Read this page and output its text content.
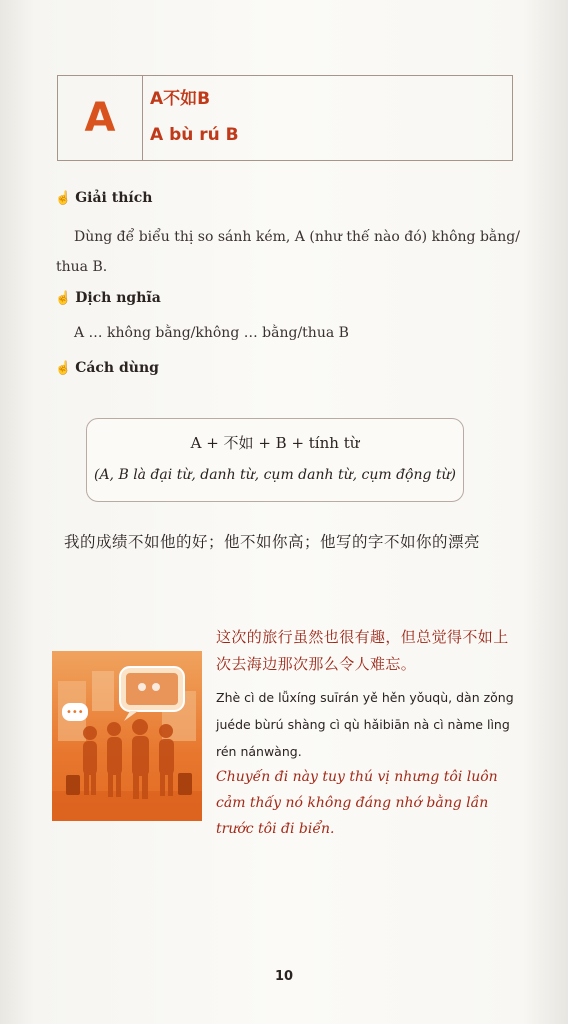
A	A不如B
A bù rú B
☝ Giải thích
Dùng để biểu thị so sánh kém, A (như thế nào đó) không bằng/ thua B.
☝ Dịch nghĩa
A … không bằng/không … bằng/thua B
☝ Cách dùng
A + 不如 + B + tính từ
(A, B là đại từ, danh từ, cụm danh từ, cụm động từ)
我的成绩不如他的好；他不如你高；他写的字不如你的漂亮
•••
这次的旅行虽然也很有趣，但总觉得不如上次去海边那次那么令人难忘。
Zhè cì de lǚxíng suīrán yě hěn yǒuqù, dàn zǒng juéde bùrú shàng cì qù hǎibiān nà cì nàme lìng rén nánwàng.
Chuyến đi này tuy thú vị nhưng tôi luôn cảm thấy nó không đáng nhớ bằng lần trước tôi đi biển.
10
